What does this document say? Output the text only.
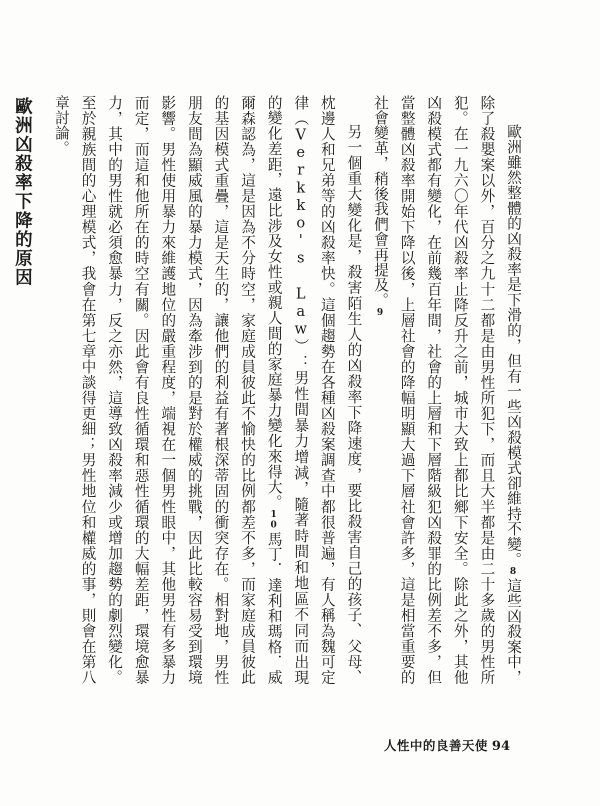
歐洲雖然整體的凶殺率是下滑的，但有一些凶殺模式卻維持不變。8這些凶殺案中，除了殺嬰案以外，百分之九十二都是由男性所犯下，而且大半都是由二十多歲的男性所犯。在一九六〇年代凶殺率止降反升之前，城市大致上都比鄉下安全。除此之外，其他凶殺模式都有變化，在前幾百年間，社會的上層和下層階級犯凶殺罪的比例差不多，但當整體凶殺率開始下降以後，上層社會的降幅明顯大過下層社會許多，這是相當重要的社會變革，稍後我們會再提及。9

另一個重大變化是，殺害陌生人的凶殺率下降速度，要比殺害自己的孩子、父母、枕邊人和兄弟等的凶殺率快。這個趨勢在各種凶殺案調查中都很普遍，有人稱為魏可定律（Verkko's Law）：男性間暴力增減，隨著時間和地區不同而出現的變化差距，遠比涉及女性或親人間的家庭暴力變化來得大。10馬丁．達利和瑪格．威爾森認為，這是因為不分時空，家庭成員彼此不愉快的比例都差不多，而家庭成員彼此的基因模式重疊，這是天生的，讓他們的利益有著根深蒂固的衝突存在。相對地，男性朋友間為顯威風的暴力模式，因為牽涉到的是對於權威的挑戰，因此比較容易受到環境影響。男性使用暴力來維護地位的嚴重程度，端視在一個男性眼中，其他男性有多暴力而定，而這和他所在的時空有關。因此會有良性循環和惡性循環的大幅差距，環境愈暴力，其中的男性就必須愈暴力，反之亦然，這導致凶殺率減少或增加趨勢的劇烈變化。至於親族間的心理模式，我會在第七章中談得更細；男性地位和權威的事，則會在第八章討論。

歐洲凶殺率下降的原因

人性中的良善天使 94
